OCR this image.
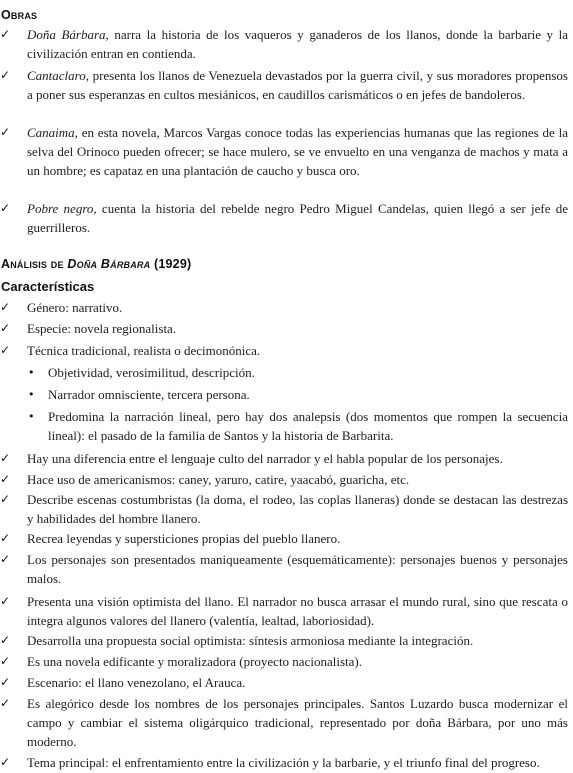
Obras
✓	Doña Bárbara, narra la historia de los vaqueros y ganaderos de los llanos, donde la barbarie y la civilización entran en contienda.
✓	Cantaclaro, presenta los llanos de Venezuela devastados por la guerra civil, y sus moradores propensos a poner sus esperanzas en cultos mesiánicos, en caudillos carismáticos o en jefes de bandoleros.
✓	Canaima, en esta novela, Marcos Vargas conoce todas las experiencias humanas que las regiones de la selva del Orinoco pueden ofrecer; se hace mulero, se ve envuelto en una venganza de machos y mata a un hombre; es capataz en una plantación de caucho y busca oro.
✓	Pobre negro, cuenta la historia del rebelde negro Pedro Miguel Candelas, quien llegó a ser jefe de guerrilleros.
Análisis de Doña Bárbara (1929)
Características
✓	Género: narrativo.
✓	Especie: novela regionalista.
✓	Técnica tradicional, realista o decimonónica.
• Objetividad, verosimilitud, descripción.
• Narrador omnisciente, tercera persona.
• Predomina la narración lineal, pero hay dos analepsis (dos momentos que rompen la secuencia lineal): el pasado de la familia de Santos y la historia de Barbarita.
✓	Hay una diferencia entre el lenguaje culto del narrador y el habla popular de los personajes.
✓	Hace uso de americanismos: caney, yaruro, catire, yaacabó, guaricha, etc.
✓	Describe escenas costumbristas (la doma, el rodeo, las coplas llaneras) donde se destacan las destrezas y habilidades del hombre llanero.
✓	Recrea leyendas y supersticiones propias del pueblo llanero.
✓	Los personajes son presentados maniqueamente (esquemáticamente): personajes buenos y personajes malos.
✓	Presenta una visión optimista del llano. El narrador no busca arrasar el mundo rural, sino que rescata o integra algunos valores del llanero (valentía, lealtad, laboriosidad).
✓	Desarrolla una propuesta social optimista: síntesis armoniosa mediante la integración.
✓	Es una novela edificante y moralizadora (proyecto nacionalista).
✓	Escenario: el llano venezolano, el Arauca.
✓	Es alegórico desde los nombres de los personajes principales. Santos Luzardo busca modernizar el campo y cambiar el sistema oligárquico tradicional, representado por doña Bárbara, por uno más moderno.
✓	Tema principal: el enfrentamiento entre la civilización y la barbarie, y el triunfo final del progreso.
